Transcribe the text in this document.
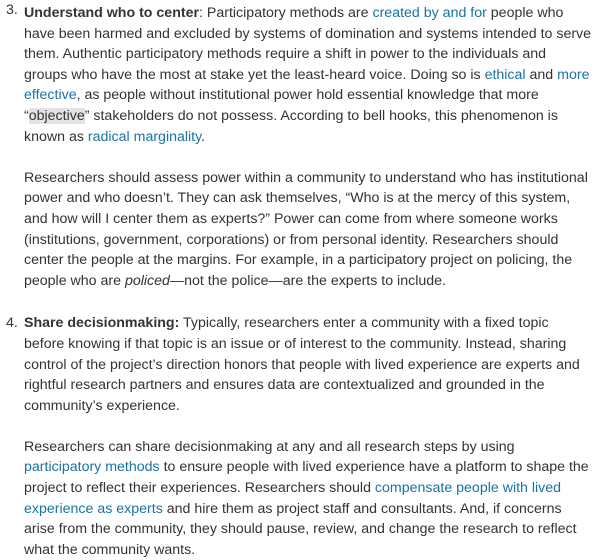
3. Understand who to center: Participatory methods are created by and for people who have been harmed and excluded by systems of domination and systems intended to serve them. Authentic participatory methods require a shift in power to the individuals and groups who have the most at stake yet the least-heard voice. Doing so is ethical and more effective, as people without institutional power hold essential knowledge that more “objective” stakeholders do not possess. According to bell hooks, this phenomenon is known as radical marginality.

Researchers should assess power within a community to understand who has institutional power and who doesn’t. They can ask themselves, “Who is at the mercy of this system, and how will I center them as experts?” Power can come from where someone works (institutions, government, corporations) or from personal identity. Researchers should center the people at the margins. For example, in a participatory project on policing, the people who are policed—not the police—are the experts to include.

4. Share decisionmaking: Typically, researchers enter a community with a fixed topic before knowing if that topic is an issue or of interest to the community. Instead, sharing control of the project’s direction honors that people with lived experience are experts and rightful research partners and ensures data are contextualized and grounded in the community’s experience.

Researchers can share decisionmaking at any and all research steps by using participatory methods to ensure people with lived experience have a platform to shape the project to reflect their experiences. Researchers should compensate people with lived experience as experts and hire them as project staff and consultants. And, if concerns arise from the community, they should pause, review, and change the research to reflect what the community wants.
